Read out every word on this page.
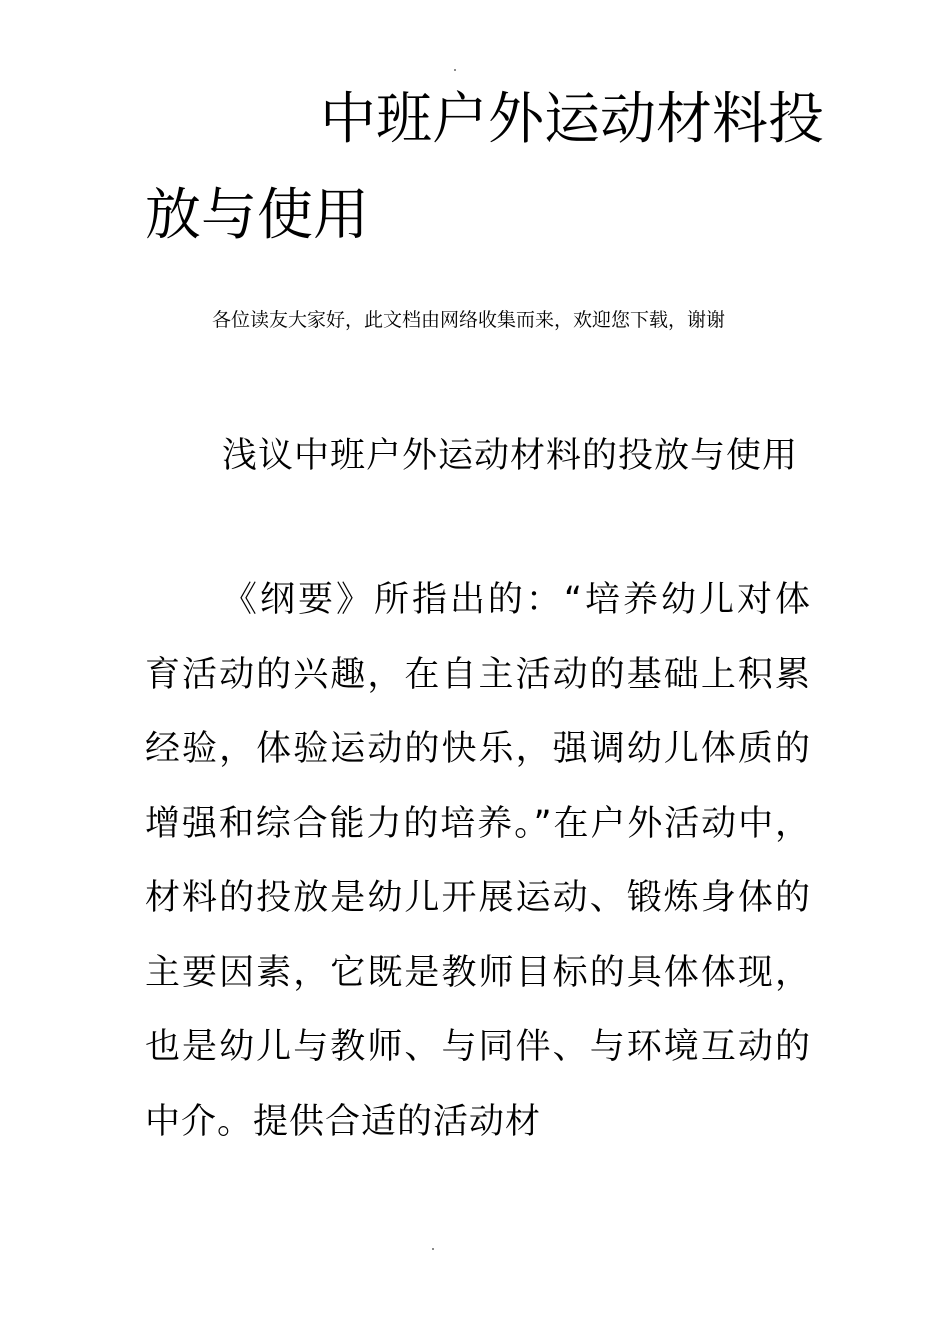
中班户外运动材料投放与使用

各位读友大家好，此文档由网络收集而来，欢迎您下载，谢谢

浅议中班户外运动材料的投放与使用

《纲要》所指出的：“培养幼儿对体育活动的兴趣，在自主活动的基础上积累经验，体验运动的快乐，强调幼儿体质的增强和综合能力的培养。”在户外活动中，材料的投放是幼儿开展运动、锻炼身体的主要因素，它既是教师目标的具体体现，也是幼儿与教师、与同伴、与环境互动的中介。提供合适的活动材
